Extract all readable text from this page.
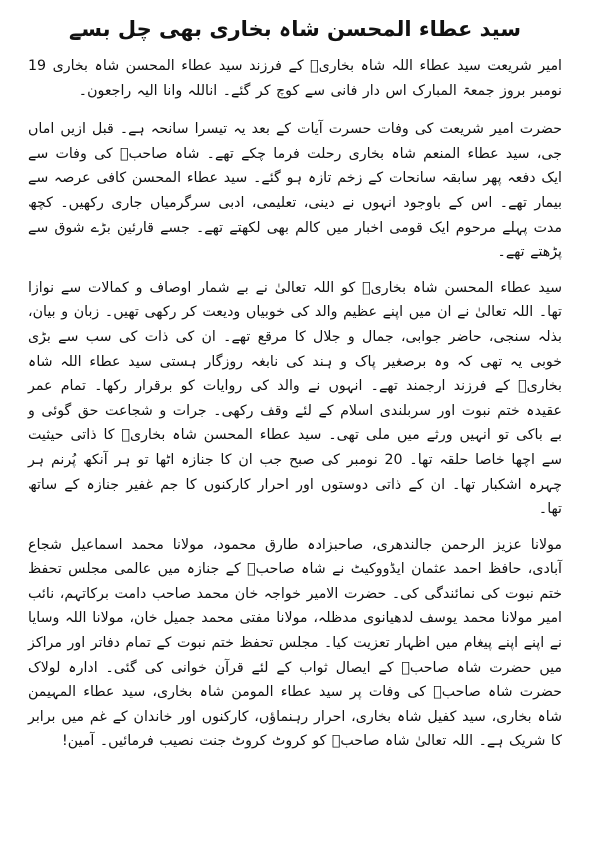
سید عطاء المحسن شاہ بخاری بھی چل بسے

امیر شریعت سید عطاء اللہ شاہ بخاریؒ کے فرزند سید عطاء المحسن شاہ بخاری 19 نومبر بروز جمعۃ المبارک اس دار فانی سے کوچ کر گئے۔ اناللہ وانا الیہ راجعون۔

حضرت امیر شریعت کی وفات حسرت آیات کے بعد یہ تیسرا سانحہ ہے۔ قبل ازیں اماں جی، سید عطاء المنعم شاہ بخاری رحلت فرما چکے تھے۔ شاہ صاحبؒ کی وفات سے ایک دفعہ پھر سابقہ سانحات کے زخم تازہ ہو گئے۔ سید عطاء المحسن کافی عرصہ سے بیمار تھے۔ اس کے باوجود انہوں نے دینی، تعلیمی، ادبی سرگرمیاں جاری رکھیں۔ کچھ مدت پہلے مرحوم ایک قومی اخبار میں کالم بھی لکھتے تھے۔ جسے قارئین بڑے شوق سے پڑھتے تھے۔

سید عطاء المحسن شاہ بخاریؒ کو اللہ تعالیٰ نے بے شمار اوصاف و کمالات سے نوازا تھا۔ اللہ تعالیٰ نے ان میں اپنے عظیم والد کی خوبیاں ودیعت کر رکھی تھیں۔ زبان و بیان، بذلہ سنجی، حاضر جوابی، جمال و جلال کا مرقع تھے۔ ان کی ذات کی سب سے بڑی خوبی یہ تھی کہ وہ برصغیر پاک و ہند کی نابغہ روزگار ہستی سید عطاء اللہ شاہ بخاریؒ کے فرزند ارجمند تھے۔ انہوں نے والد کی روایات کو برقرار رکھا۔ تمام عمر عقیدہ ختم نبوت اور سربلندی اسلام کے لئے وقف رکھی۔ جرات و شجاعت حق گوئی و بے باکی تو انہیں ورثے میں ملی تھی۔ سید عطاء المحسن شاہ بخاریؒ کا ذاتی حیثیت سے اچھا خاصا حلقہ تھا۔ 20 نومبر کی صبح جب ان کا جنازہ اٹھا تو ہر آنکھ پُرنم ہر چہرہ اشکبار تھا۔ ان کے ذاتی دوستوں اور احرار کارکنوں کا جم غفیر جنازہ کے ساتھ تھا۔

مولانا عزیز الرحمن جالندھری، صاحبزادہ طارق محمود، مولانا محمد اسماعیل شجاع آبادی، حافظ احمد عثمان ایڈووکیٹ نے شاہ صاحبؒ کے جنازہ میں عالمی مجلس تحفظ ختم نبوت کی نمائندگی کی۔ حضرت الامیر خواجہ خان محمد صاحب دامت برکاتہم، نائب امیر مولانا محمد یوسف لدھیانوی مدظلہ، مولانا مفتی محمد جمیل خان، مولانا اللہ وسایا نے اپنے اپنے پیغام میں اظہار تعزیت کیا۔ مجلس تحفظ ختم نبوت کے تمام دفاتر اور مراکز میں حضرت شاہ صاحبؒ کے ایصال ثواب کے لئے قرآن خوانی کی گئی۔ ادارہ لولاک حضرت شاہ صاحبؒ کی وفات پر سید عطاء المومن شاہ بخاری، سید عطاء المہیمن شاہ بخاری، سید کفیل شاہ بخاری، احرار رہنماؤں، کارکنوں اور خاندان کے غم میں برابر کا شریک ہے۔ اللہ تعالیٰ شاہ صاحبؒ کو کروٹ کروٹ جنت نصیب فرمائیں۔ آمین!
